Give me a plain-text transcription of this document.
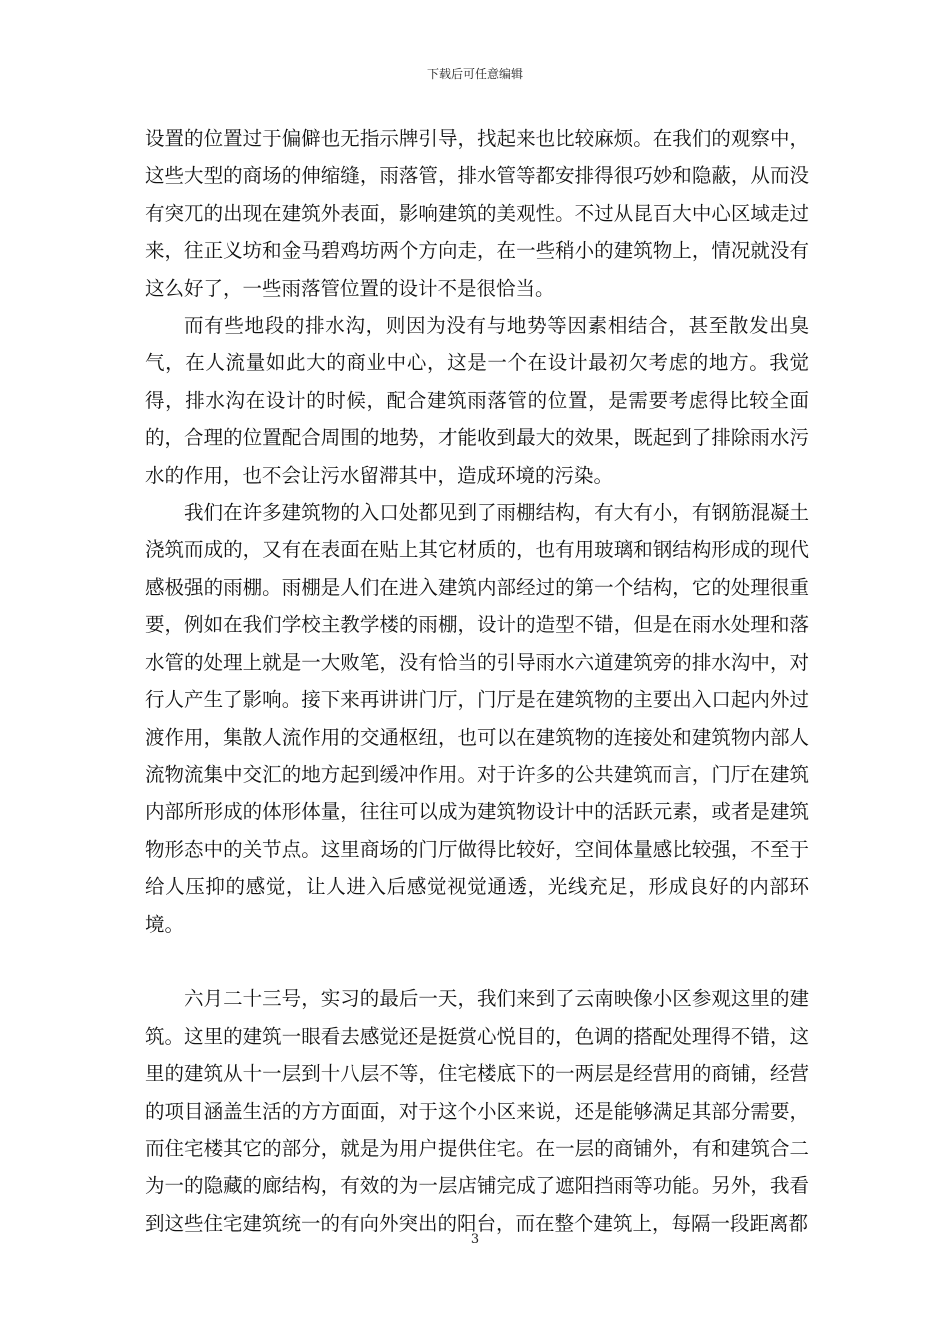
下载后可任意编辑

设置的位置过于偏僻也无指示牌引导，找起来也比较麻烦。在我们的观察中，这些大型的商场的伸缩缝，雨落管，排水管等都安排得很巧妙和隐蔽，从而没有突兀的出现在建筑外表面，影响建筑的美观性。不过从昆百大中心区域走过来，往正义坊和金马碧鸡坊两个方向走，在一些稍小的建筑物上，情况就没有这么好了，一些雨落管位置的设计不是很恰当。

而有些地段的排水沟，则因为没有与地势等因素相结合，甚至散发出臭气，在人流量如此大的商业中心，这是一个在设计最初欠考虑的地方。我觉得，排水沟在设计的时候，配合建筑雨落管的位置，是需要考虑得比较全面的，合理的位置配合周围的地势，才能收到最大的效果，既起到了排除雨水污水的作用，也不会让污水留滞其中，造成环境的污染。

我们在许多建筑物的入口处都见到了雨棚结构，有大有小，有钢筋混凝土浇筑而成的，又有在表面在贴上其它材质的，也有用玻璃和钢结构形成的现代感极强的雨棚。雨棚是人们在进入建筑内部经过的第一个结构，它的处理很重要，例如在我们学校主教学楼的雨棚，设计的造型不错，但是在雨水处理和落水管的处理上就是一大败笔，没有恰当的引导雨水六道建筑旁的排水沟中，对行人产生了影响。接下来再讲讲门厅，门厅是在建筑物的主要出入口起内外过渡作用，集散人流作用的交通枢纽，也可以在建筑物的连接处和建筑物内部人流物流集中交汇的地方起到缓冲作用。对于许多的公共建筑而言，门厅在建筑内部所形成的体形体量，往往可以成为建筑物设计中的活跃元素，或者是建筑物形态中的关节点。这里商场的门厅做得比较好，空间体量感比较强，不至于给人压抑的感觉，让人进入后感觉视觉通透，光线充足，形成良好的内部环境。

六月二十三号，实习的最后一天，我们来到了云南映像小区参观这里的建筑。这里的建筑一眼看去感觉还是挺赏心悦目的，色调的搭配处理得不错，这里的建筑从十一层到十八层不等，住宅楼底下的一两层是经营用的商铺，经营的项目涵盖生活的方方面面，对于这个小区来说，还是能够满足其部分需要，而住宅楼其它的部分，就是为用户提供住宅。在一层的商铺外，有和建筑合二为一的隐藏的廊结构，有效的为一层店铺完成了遮阳挡雨等功能。另外，我看到这些住宅建筑统一的有向外突出的阳台，而在整个建筑上，每隔一段距离都

3
